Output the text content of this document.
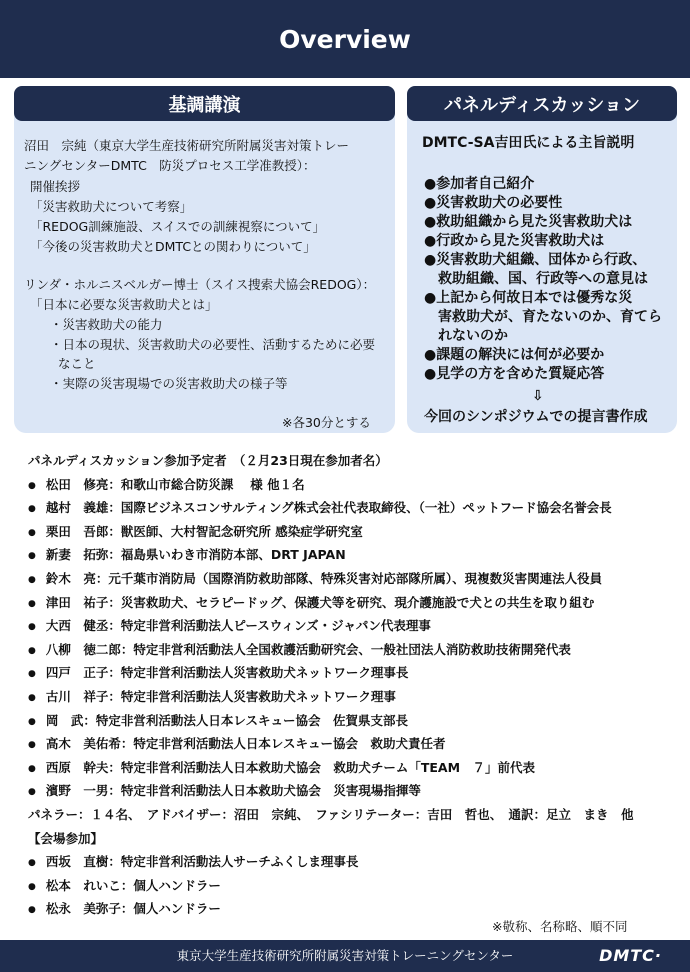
Overview
基調講演
沼田　宗純（東京大学生産技術研究所附属災害対策トレー
ニングセンターDMTC　防災プロセス工学准教授）：
開催挨拶
「災害救助犬について考察」
「REDOG訓練施設、スイスでの訓練視察について」
「今後の災害救助犬とDMTCとの関わりについて」
リンダ・ホルニスベルガー博士（スイス捜索犬協会REDOG）：
「日本に必要な災害救助犬とは」
・災害救助犬の能力
・日本の現状、災害救助犬の必要性、活動するために必要
なこと
・実際の災害現場での災害救助犬の様子等
※各30分とする
パネルディスカッション
DMTC-SA吉田氏による主旨説明
●参加者自己紹介
●災害救助犬の必要性
●救助組織から見た災害救助犬は
●行政から見た災害救助犬は
●災害救助犬組織、団体から行政、
救助組織、国、行政等への意見は
●上記から何故日本では優秀な災
害救助犬が、育たないのか、育てら
れないのか
●課題の解決には何が必要か
●見学の方を含めた質疑応答
⇩
今回のシンポジウムでの提言書作成
パネルディスカッション参加予定者　（２月23日現在参加者名）
● 松田　修亮：和歌山市総合防災課　 様 他１名
● 越村　義雄：国際ビジネスコンサルティング株式会社代表取締役、（一社）ペットフード協会名誉会長
● 栗田　吾郎：獣医師、大村智記念研究所 感染症学研究室
● 新妻　拓弥：福島県いわき市消防本部、DRT JAPAN
● 鈴木　亮：元千葉市消防局（国際消防救助部隊、特殊災害対応部隊所属）、現複数災害関連法人役員
● 津田　祐子：災害救助犬、セラピードッグ、保護犬等を研究、現介護施設で犬との共生を取り組む
● 大西　健丞：特定非営利活動法人ピースウィンズ・ジャパン代表理事
● 八柳　徳二郎：特定非営利活動法人全国救護活動研究会、一般社団法人消防救助技術開発代表
● 四戸　正子：特定非営利活動法人災害救助犬ネットワーク理事長
● 古川　祥子：特定非営利活動法人災害救助犬ネットワーク理事
● 岡　武：特定非営利活動法人日本レスキュー協会　佐賀県支部長
● 高木　美佑希：特定非営利活動法人日本レスキュー協会　救助犬責任者
● 西原　幹夫：特定非営利活動法人日本救助犬協会　救助犬チーム「TEAM　７」前代表
● 濱野　一男：特定非営利活動法人日本救助犬協会　災害現場指揮等
パネラー：１４名、　アドバイザー：沼田　宗純、　ファシリテーター：吉田　哲也、　通訳：足立　まき　他
【会場参加】
● 西坂　直樹：特定非営利活動法人サーチふくしま理事長
● 松本　れいこ：個人ハンドラー
● 松永　美弥子：個人ハンドラー
※敬称、名称略、順不同
東京大学生産技術研究所附属災害対策トレーニングセンター	DMTC·
